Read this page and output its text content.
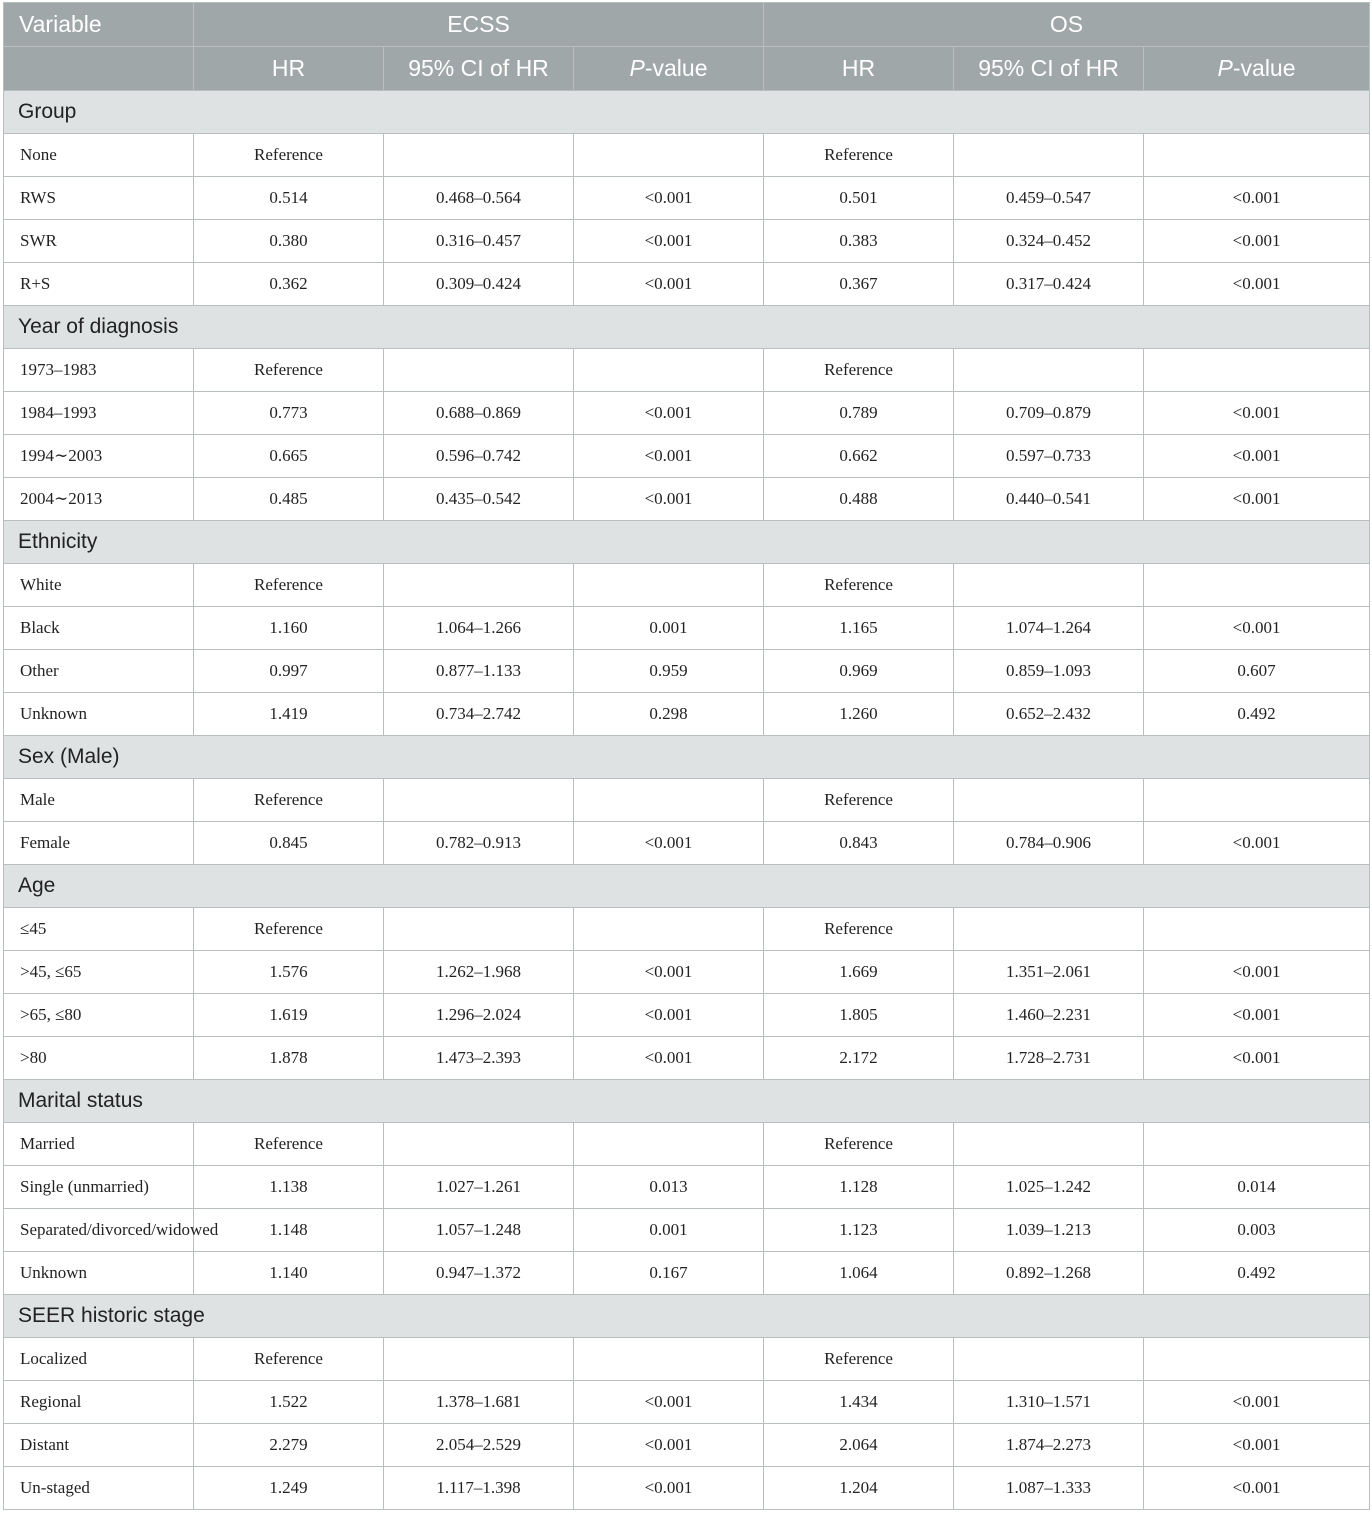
Variable	ECSS			OS		
	HR	95% CI of HR	P-value	HR	95% CI of HR	P-value
Group						
None	Reference			Reference		
RWS	0.514	0.468–0.564	<0.001	0.501	0.459–0.547	<0.001
SWR	0.380	0.316–0.457	<0.001	0.383	0.324–0.452	<0.001
R+S	0.362	0.309–0.424	<0.001	0.367	0.317–0.424	<0.001
Year of diagnosis						
1973–1983	Reference			Reference		
1984–1993	0.773	0.688–0.869	<0.001	0.789	0.709–0.879	<0.001
1994∼2003	0.665	0.596–0.742	<0.001	0.662	0.597–0.733	<0.001
2004∼2013	0.485	0.435–0.542	<0.001	0.488	0.440–0.541	<0.001
Ethnicity						
White	Reference			Reference		
Black	1.160	1.064–1.266	0.001	1.165	1.074–1.264	<0.001
Other	0.997	0.877–1.133	0.959	0.969	0.859–1.093	0.607
Unknown	1.419	0.734–2.742	0.298	1.260	0.652–2.432	0.492
Sex (Male)						
Male	Reference			Reference		
Female	0.845	0.782–0.913	<0.001	0.843	0.784–0.906	<0.001
Age						
≤45	Reference			Reference		
>45, ≤65	1.576	1.262–1.968	<0.001	1.669	1.351–2.061	<0.001
>65, ≤80	1.619	1.296–2.024	<0.001	1.805	1.460–2.231	<0.001
>80	1.878	1.473–2.393	<0.001	2.172	1.728–2.731	<0.001
Marital status						
Married	Reference			Reference		
Single (unmarried)	1.138	1.027–1.261	0.013	1.128	1.025–1.242	0.014
Separated/divorced/widowed	1.148	1.057–1.248	0.001	1.123	1.039–1.213	0.003
Unknown	1.140	0.947–1.372	0.167	1.064	0.892–1.268	0.492
SEER historic stage						
Localized	Reference			Reference		
Regional	1.522	1.378–1.681	<0.001	1.434	1.310–1.571	<0.001
Distant	2.279	2.054–2.529	<0.001	2.064	1.874–2.273	<0.001
Un-staged	1.249	1.117–1.398	<0.001	1.204	1.087–1.333	<0.001
